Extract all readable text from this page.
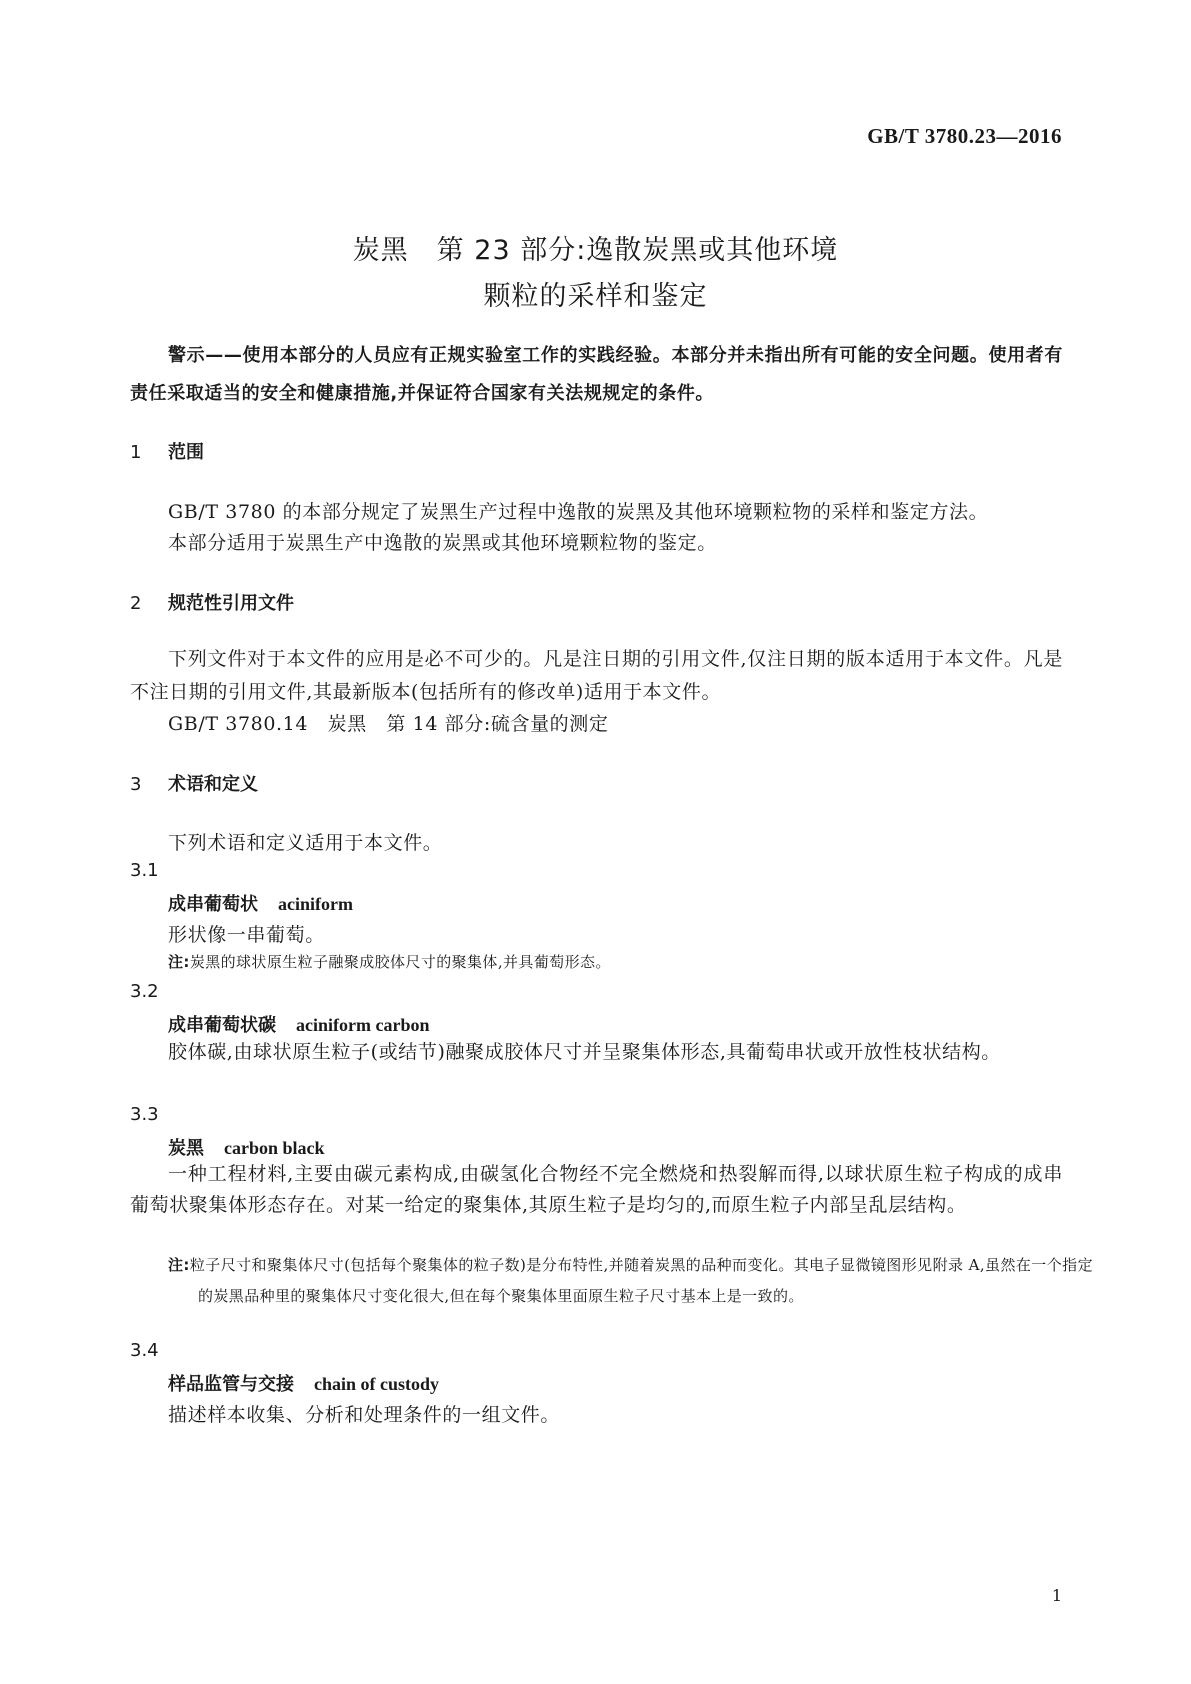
GB/T 3780.23—2016
炭黑　第 23 部分:逸散炭黑或其他环境
颗粒的采样和鉴定
警示——使用本部分的人员应有正规实验室工作的实践经验。本部分并未指出所有可能的安全问题。使用者有责任采取适当的安全和健康措施,并保证符合国家有关法规规定的条件。
1 范围
GB/T 3780 的本部分规定了炭黑生产过程中逸散的炭黑及其他环境颗粒物的采样和鉴定方法。
本部分适用于炭黑生产中逸散的炭黑或其他环境颗粒物的鉴定。
2 规范性引用文件
下列文件对于本文件的应用是必不可少的。凡是注日期的引用文件,仅注日期的版本适用于本文件。凡是不注日期的引用文件,其最新版本(包括所有的修改单)适用于本文件。
GB/T 3780.14　炭黑　第 14 部分:硫含量的测定
3 术语和定义
下列术语和定义适用于本文件。
3.1
成串葡萄状 aciniform
形状像一串葡萄。
注:炭黑的球状原生粒子融聚成胶体尺寸的聚集体,并具葡萄形态。
3.2
成串葡萄状碳 aciniform carbon
胶体碳,由球状原生粒子(或结节)融聚成胶体尺寸并呈聚集体形态,具葡萄串状或开放性枝状结构。
3.3
炭黑 carbon black
一种工程材料,主要由碳元素构成,由碳氢化合物经不完全燃烧和热裂解而得,以球状原生粒子构成的成串葡萄状聚集体形态存在。对某一给定的聚集体,其原生粒子是均匀的,而原生粒子内部呈乱层结构。
注:粒子尺寸和聚集体尺寸(包括每个聚集体的粒子数)是分布特性,并随着炭黑的品种而变化。其电子显微镜图形见附录 A,虽然在一个指定的炭黑品种里的聚集体尺寸变化很大,但在每个聚集体里面原生粒子尺寸基本上是一致的。
3.4
样品监管与交接 chain of custody
描述样本收集、分析和处理条件的一组文件。
1
